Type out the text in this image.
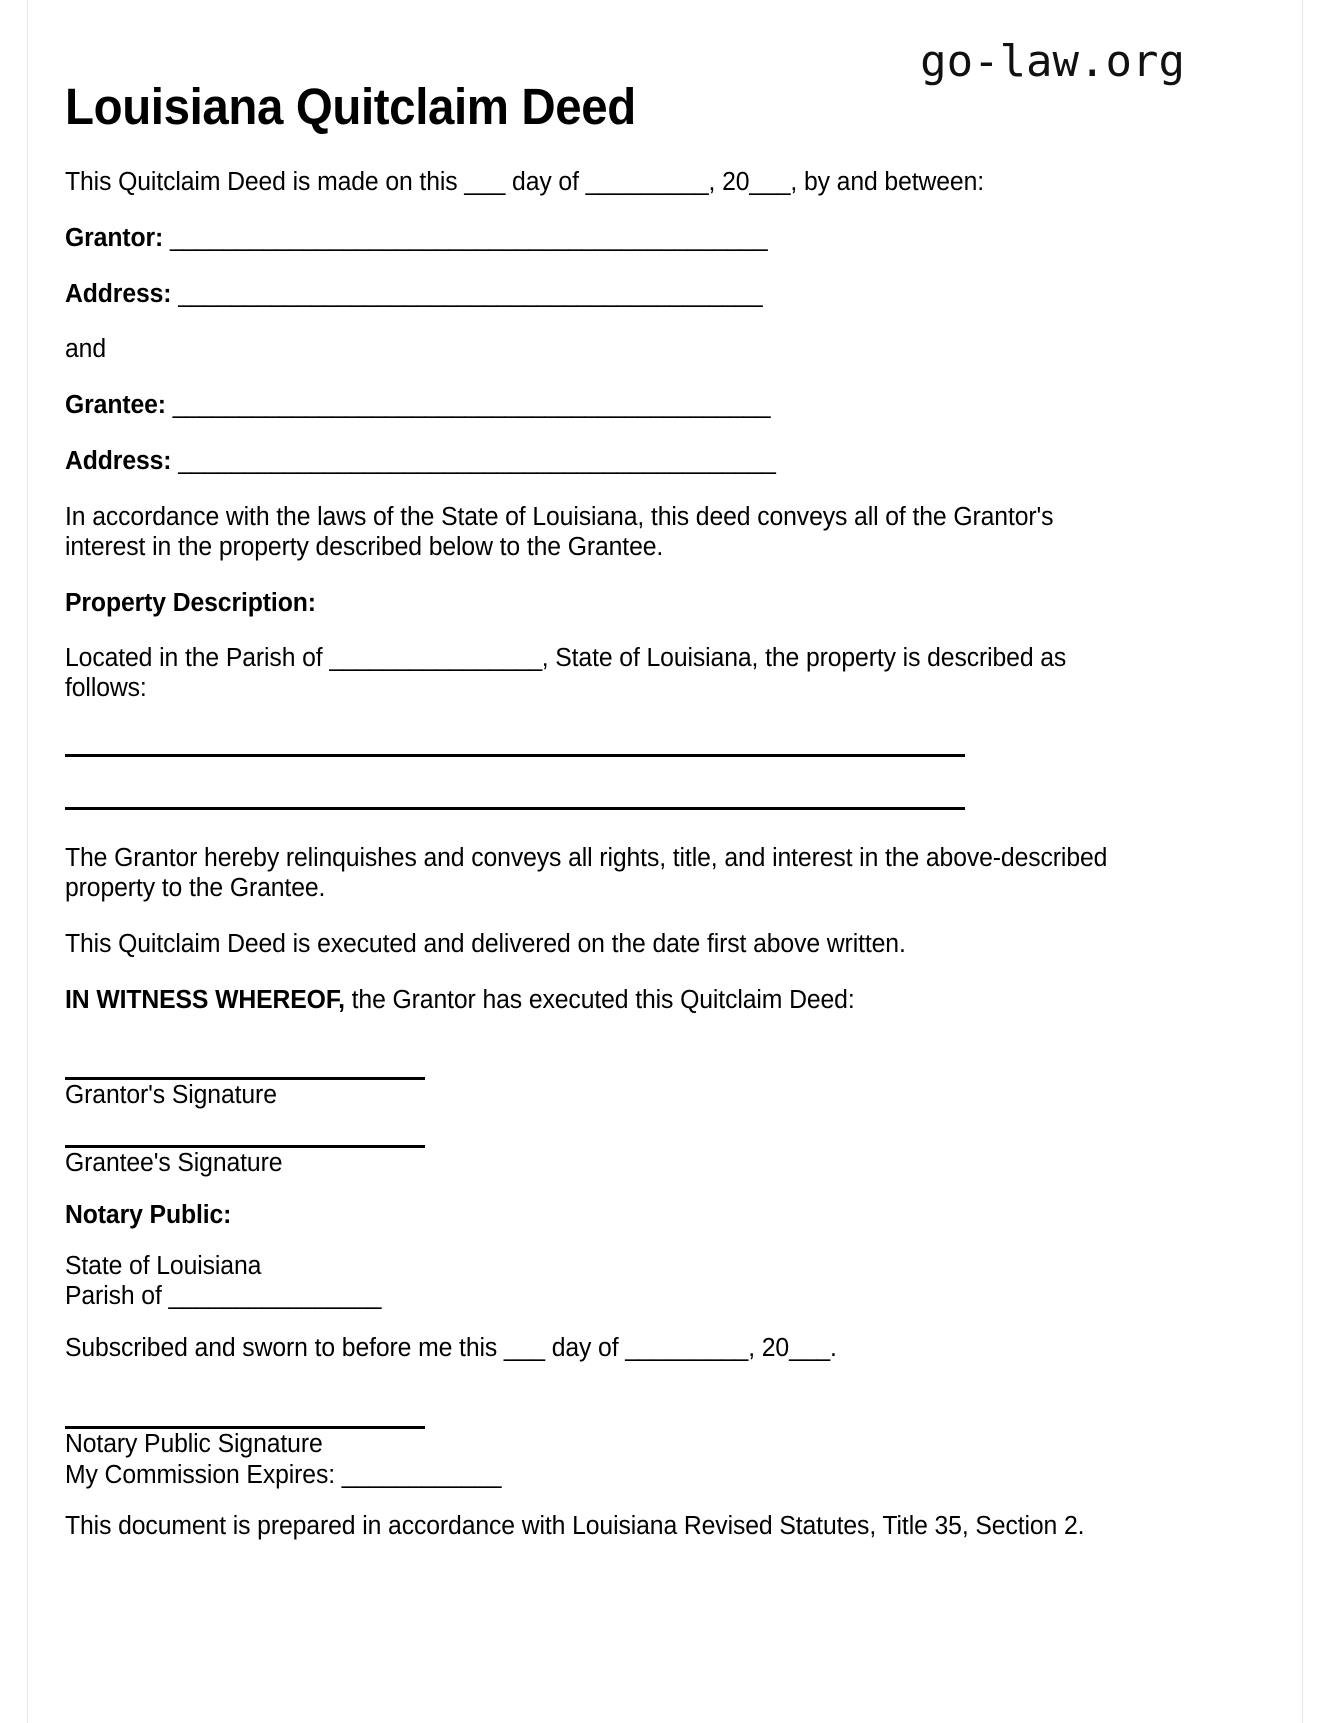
go-law.org
Louisiana Quitclaim Deed

This Quitclaim Deed is made on this ___ day of _________, 20___, by and between:

Grantor: _____________________________________________

Address: ____________________________________________

and

Grantee: _____________________________________________

Address: _____________________________________________

In accordance with the laws of the State of Louisiana, this deed conveys all of the Grantor's interest in the property described below to the Grantee.

Property Description:

Located in the Parish of ________________, State of Louisiana, the property is described as follows:

The Grantor hereby relinquishes and conveys all rights, title, and interest in the above-described property to the Grantee.

This Quitclaim Deed is executed and delivered on the date first above written.

IN WITNESS WHEREOF, the Grantor has executed this Quitclaim Deed:

Grantor's Signature
Grantee's Signature

Notary Public:

State of Louisiana

Parish of ________________

Subscribed and sworn to before me this ___ day of _________, 20___.

Notary Public Signature
My Commission Expires: ____________

This document is prepared in accordance with Louisiana Revised Statutes, Title 35, Section 2.
